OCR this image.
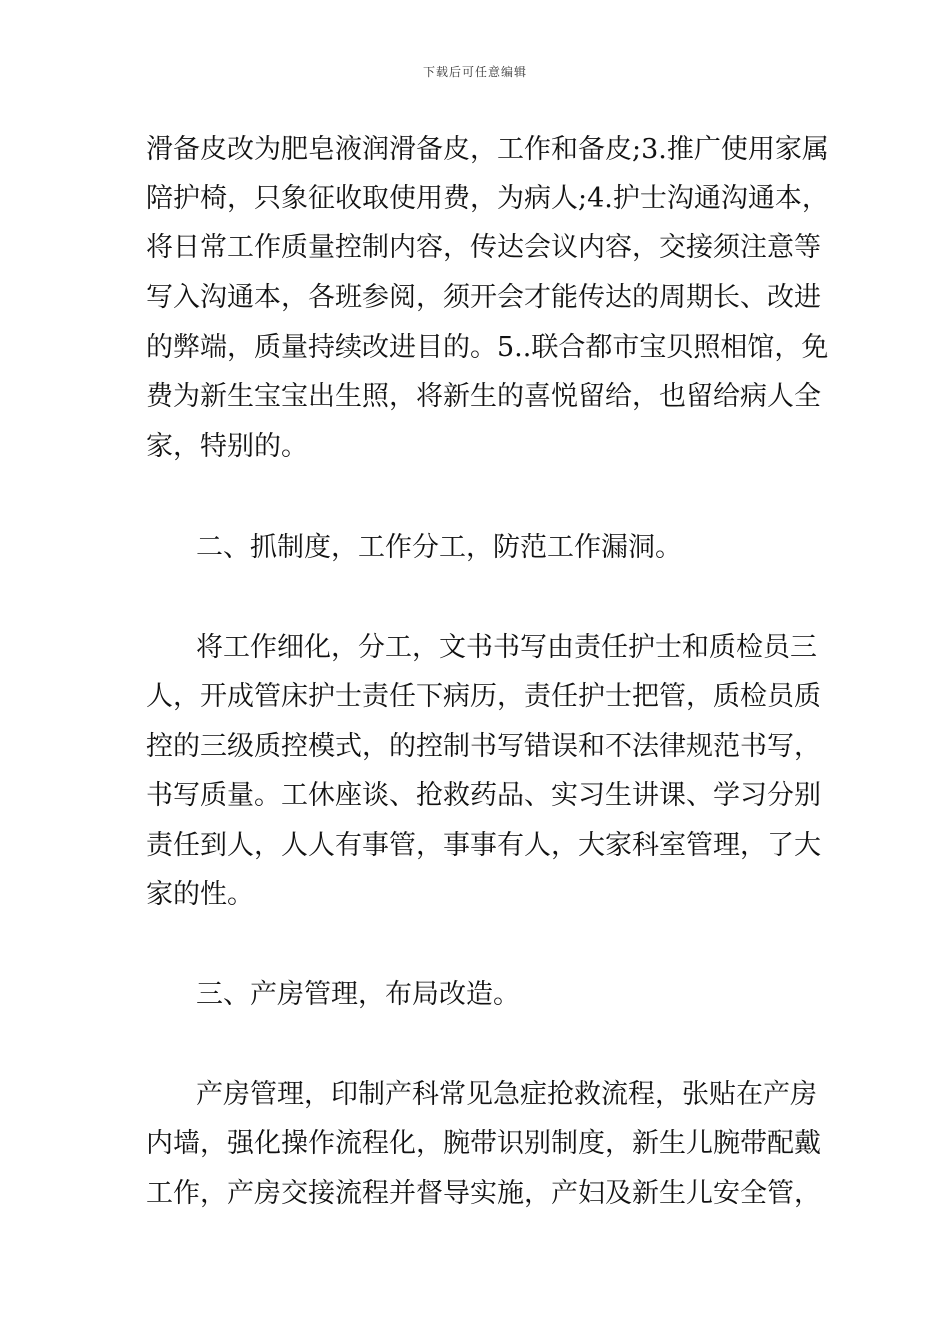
下载后可任意编辑
滑备皮改为肥皂液润滑备皮，工作和备皮;3.推广使用家属
陪护椅，只象征收取使用费，为病人;4.护士沟通沟通本，
将日常工作质量控制内容，传达会议内容，交接须注意等
写入沟通本，各班参阅，须开会才能传达的周期长、改进
的弊端，质量持续改进目的。5..联合都市宝贝照相馆，免
费为新生宝宝出生照，将新生的喜悦留给，也留给病人全
家，特别的。
二、抓制度，工作分工，防范工作漏洞。
将工作细化，分工，文书书写由责任护士和质检员三
人，开成管床护士责任下病历，责任护士把管，质检员质
控的三级质控模式，的控制书写错误和不法律规范书写，
书写质量。工休座谈、抢救药品、实习生讲课、学习分别
责任到人，人人有事管，事事有人，大家科室管理，了大
家的性。
三、产房管理，布局改造。
产房管理，印制产科常见急症抢救流程，张贴在产房
内墙，强化操作流程化，腕带识别制度，新生儿腕带配戴
工作，产房交接流程并督导实施，产妇及新生儿安全管，
